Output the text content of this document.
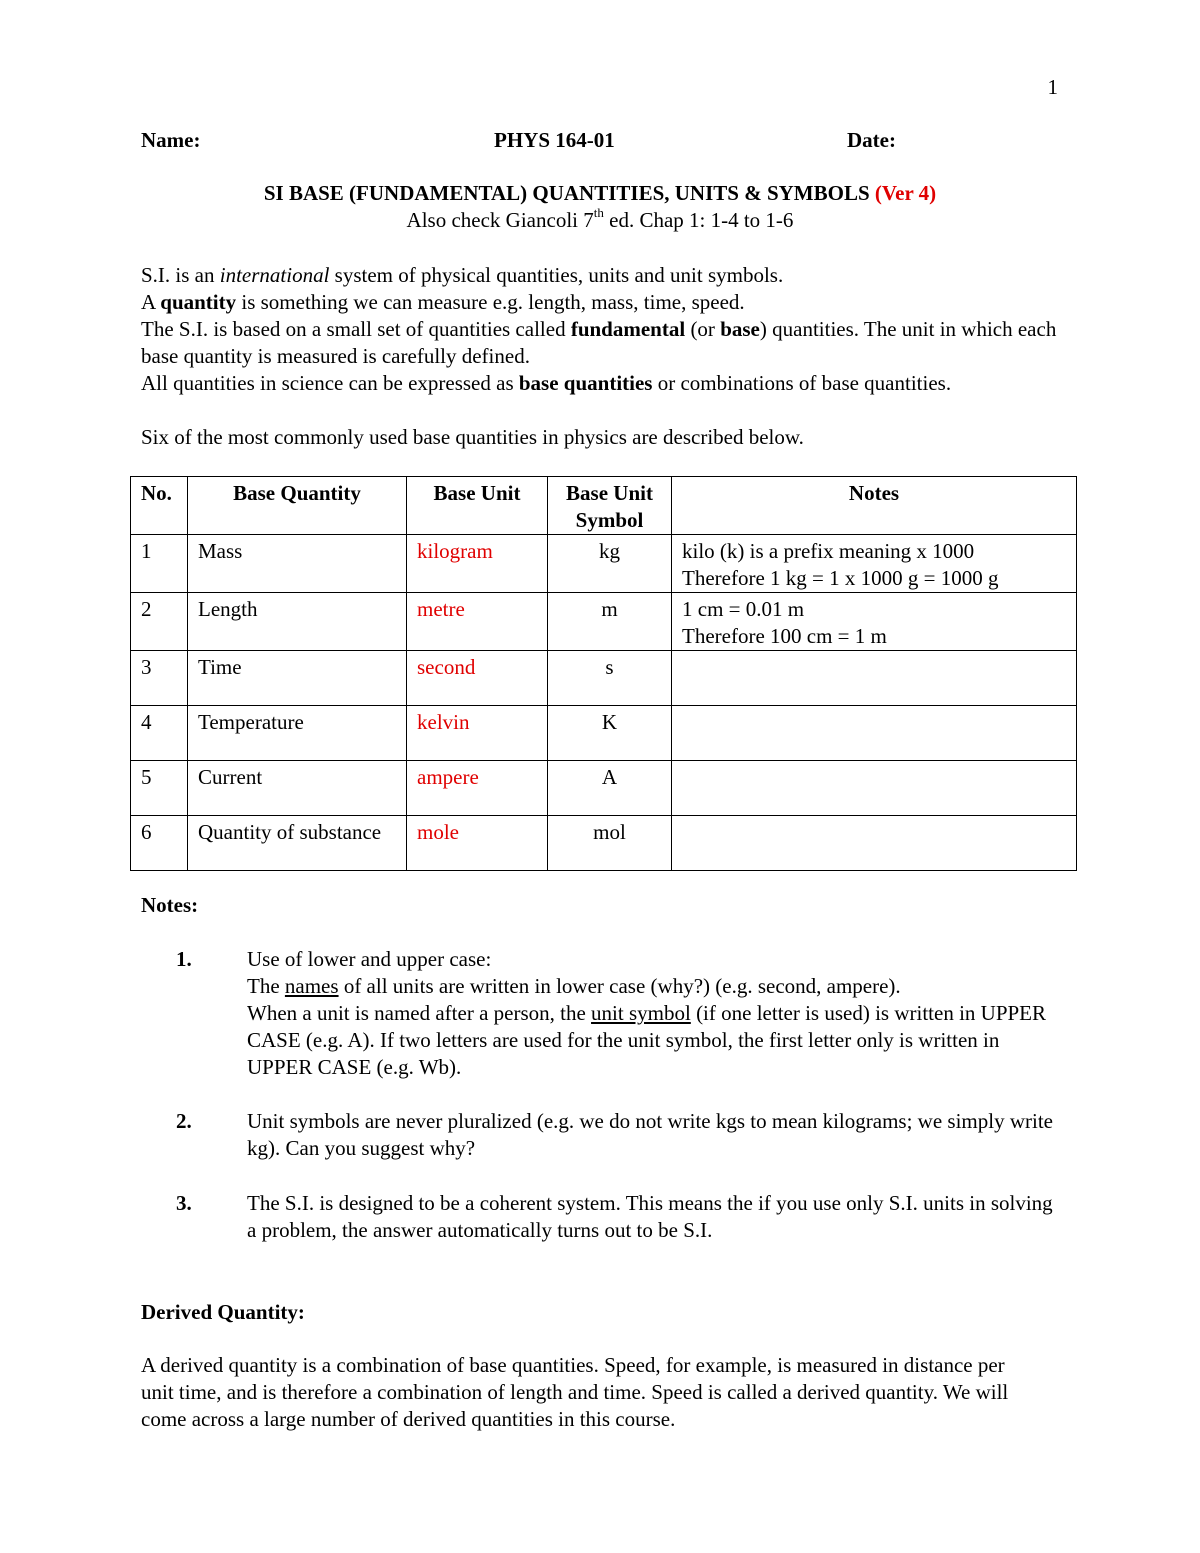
1
Name:	PHYS 164-01	Date:
SI BASE (FUNDAMENTAL) QUANTITIES, UNITS & SYMBOLS (Ver 4)
Also check Giancoli 7th ed. Chap 1: 1-4 to 1-6
S.I. is an international system of physical quantities, units and unit symbols.
A quantity is something we can measure e.g. length, mass, time, speed.
The S.I. is based on a small set of quantities called fundamental (or base) quantities. The unit in which each base quantity is measured is carefully defined.
All quantities in science can be expressed as base quantities or combinations of base quantities.
Six of the most commonly used base quantities in physics are described below.
No.	Base Quantity	Base Unit	Base Unit Symbol	Notes
1	Mass	kilogram	kg	kilo (k) is a prefix meaning x 1000
Therefore 1 kg = 1 x 1000 g = 1000 g

2	Length	metre	m	1 cm = 0.01 m
Therefore 100 cm = 1 m

3	Time	second	s	
4	Temperature	kelvin	K	
5	Current	ampere	A	
6	Quantity of substance	mole	mol	
Notes:
1.	Use of lower and upper case:
The names of all units are written in lower case (why?) (e.g. second, ampere).
When a unit is named after a person, the unit symbol (if one letter is used) is written in UPPER CASE (e.g. A). If two letters are used for the unit symbol, the first letter only is written in UPPER CASE (e.g. Wb).
2.	Unit symbols are never pluralized (e.g. we do not write kgs to mean kilograms; we simply write kg). Can you suggest why?
3.	The S.I. is designed to be a coherent system. This means the if you use only S.I. units in solving a problem, the answer automatically turns out to be S.I.
Derived Quantity:
A derived quantity is a combination of base quantities. Speed, for example, is measured in distance per unit time, and is therefore a combination of length and time. Speed is called a derived quantity. We will come across a large number of derived quantities in this course.
